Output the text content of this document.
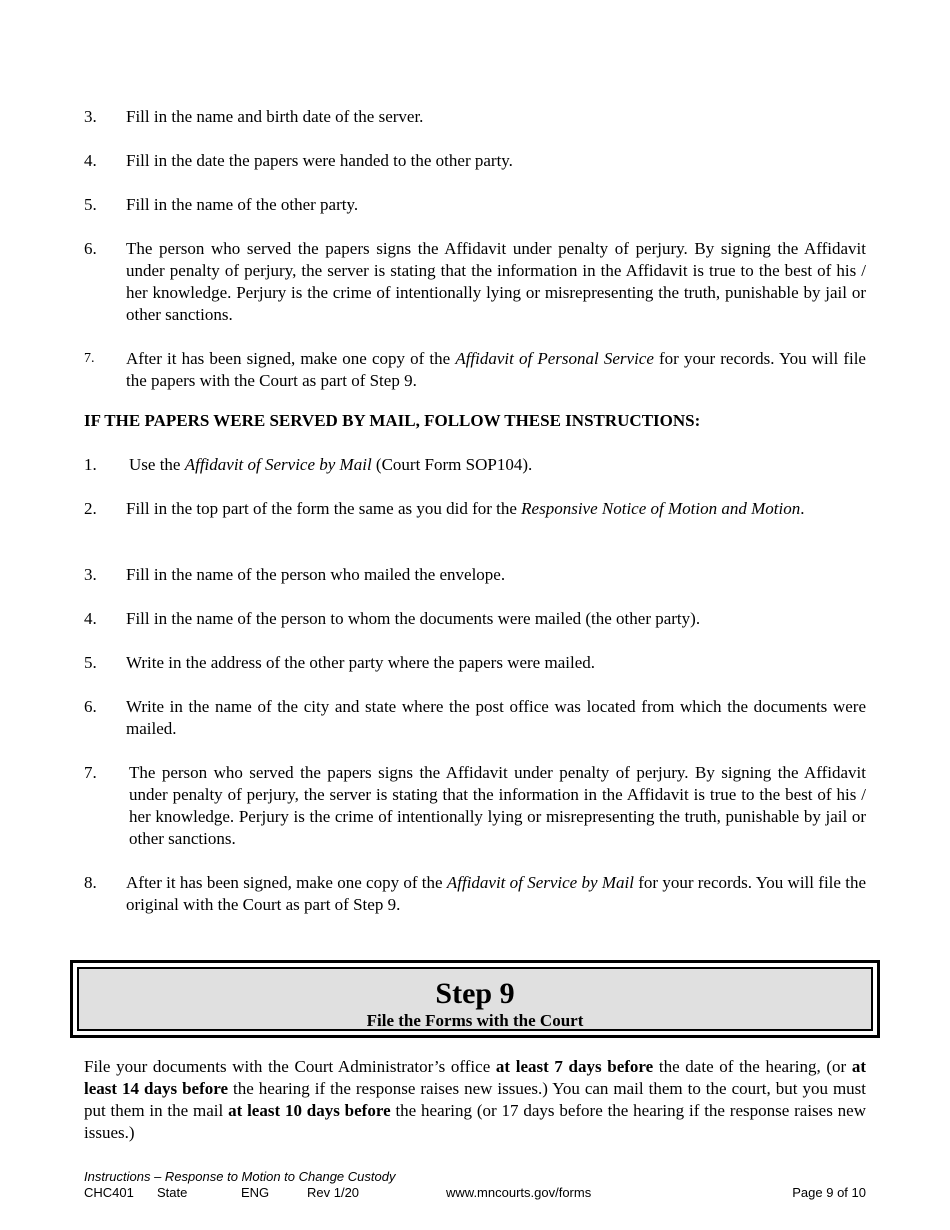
3.	Fill in the name and birth date of the server.
4.	Fill in the date the papers were handed to the other party.
5.	Fill in the name of the other party.
6.	The person who served the papers signs the Affidavit under penalty of perjury. By signing the Affidavit under penalty of perjury, the server is stating that the information in the Affidavit is true to the best of his / her knowledge. Perjury is the crime of intentionally lying or misrepresenting the truth, punishable by jail or other sanctions.
7.	After it has been signed, make one copy of the Affidavit of Personal Service for your records. You will file the papers with the Court as part of Step 9.
IF THE PAPERS WERE SERVED BY MAIL, FOLLOW THESE INSTRUCTIONS:
1.	Use the Affidavit of Service by Mail (Court Form SOP104).
2.	Fill in the top part of the form the same as you did for the Responsive Notice of Motion and Motion.
3.	Fill in the name of the person who mailed the envelope.
4.	Fill in the name of the person to whom the documents were mailed (the other party).
5.	Write in the address of the other party where the papers were mailed.
6.	Write in the name of the city and state where the post office was located from which the documents were mailed.
7.	The person who served the papers signs the Affidavit under penalty of perjury. By signing the Affidavit under penalty of perjury, the server is stating that the information in the Affidavit is true to the best of his / her knowledge. Perjury is the crime of intentionally lying or misrepresenting the truth, punishable by jail or other sanctions.
8.	After it has been signed, make one copy of the Affidavit of Service by Mail for your records. You will file the original with the Court as part of Step 9.
Step 9
File the Forms with the Court
File your documents with the Court Administrator’s office at least 7 days before the date of the hearing, (or at least 14 days before the hearing if the response raises new issues.) You can mail them to the court, but you must put them in the mail at least 10 days before the hearing (or 17 days before the hearing if the response raises new issues.)
Instructions – Response to Motion to Change Custody
CHC401 State	ENG	Rev 1/20	www.mncourts.gov/forms	Page 9 of 10
